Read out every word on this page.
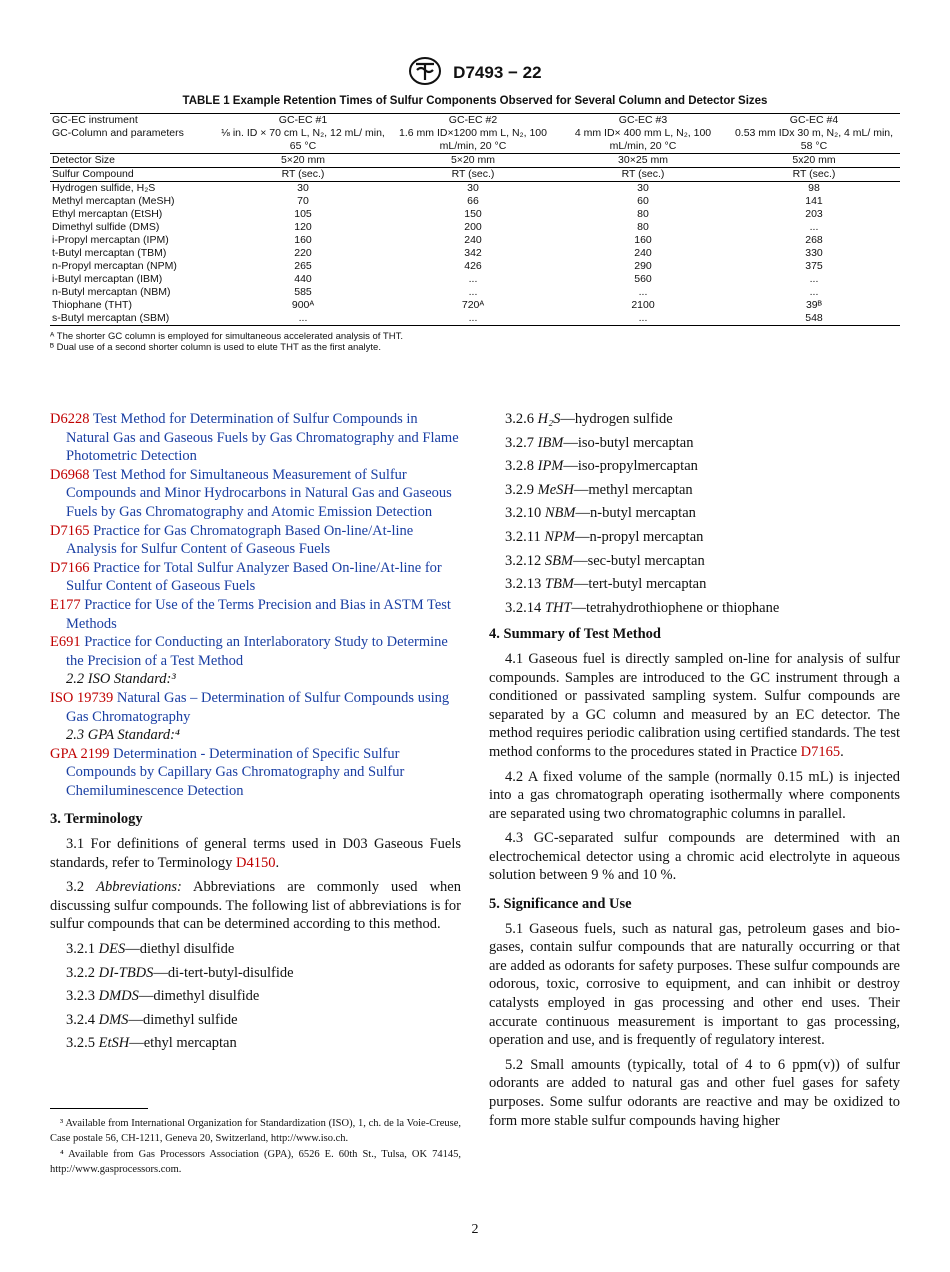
D7493 − 22
TABLE 1 Example Retention Times of Sulfur Components Observed for Several Column and Detector Sizes
GC-EC instrument	GC-EC #1	GC-EC #2	GC-EC #3	GC-EC #4
GC-Column and parameters	⅛ in. ID × 70 cm L, N₂, 12 mL/ min, 65 °C	1.6 mm ID×1200 mm L, N₂, 100 mL/min, 20 °C	4 mm ID× 400 mm L, N₂, 100 mL/min, 20 °C	0.53 mm IDx 30 m, N₂, 4 mL/ min, 58 °C
Detector Size	5×20 mm	5×20 mm	30×25 mm	5x20 mm
Sulfur Compound	RT (sec.)	RT (sec.)	RT (sec.)	RT (sec.)
Hydrogen sulfide, H₂S	30	30	30	98
Methyl mercaptan (MeSH)	70	66	60	141
Ethyl mercaptan (EtSH)	105	150	80	203
Dimethyl sulfide (DMS)	120	200	80	...
i-Propyl mercaptan (IPM)	160	240	160	268
t-Butyl mercaptan (TBM)	220	342	240	330
n-Propyl mercaptan (NPM)	265	426	290	375
i-Butyl mercaptan (IBM)	440	...	560	...
n-Butyl mercaptan (NBM)	585	...	...	...
Thiophane (THT)	900ᴬ	720ᴬ	2100	39ᴮ
s-Butyl mercaptan (SBM)	...	...	...	548
ᴬ The shorter GC column is employed for simultaneous accelerated analysis of THT.
ᴮ Dual use of a second shorter column is used to elute THT as the first analyte.

D6228 Test Method for Determination of Sulfur Compounds in Natural Gas and Gaseous Fuels by Gas Chromatography and Flame Photometric Detection

D6968 Test Method for Simultaneous Measurement of Sulfur Compounds and Minor Hydrocarbons in Natural Gas and Gaseous Fuels by Gas Chromatography and Atomic Emission Detection

D7165 Practice for Gas Chromatograph Based On-line/At-line Analysis for Sulfur Content of Gaseous Fuels

D7166 Practice for Total Sulfur Analyzer Based On-line/At-line for Sulfur Content of Gaseous Fuels

E177 Practice for Use of the Terms Precision and Bias in ASTM Test Methods

E691 Practice for Conducting an Interlaboratory Study to Determine the Precision of a Test Method

2.2 ISO Standard:³

ISO 19739 Natural Gas – Determination of Sulfur Compounds using Gas Chromatography

2.3 GPA Standard:⁴

GPA 2199 Determination - Determination of Specific Sulfur Compounds by Capillary Gas Chromatography and Sulfur Chemiluminescence Detection

3. Terminology

3.1 For definitions of general terms used in D03 Gaseous Fuels standards, refer to Terminology D4150.

3.2 Abbreviations: Abbreviations are commonly used when discussing sulfur compounds. The following list of abbreviations is for sulfur compounds that can be determined according to this method.

3.2.1 DES—diethyl disulfide

3.2.2 DI-TBDS—di-tert-butyl-disulfide

3.2.3 DMDS—dimethyl disulfide

3.2.4 DMS—dimethyl sulfide

3.2.5 EtSH—ethyl mercaptan

³ Available from International Organization for Standardization (ISO), 1, ch. de la Voie-Creuse, Case postale 56, CH-1211, Geneva 20, Switzerland, http://www.iso.ch.

⁴ Available from Gas Processors Association (GPA), 6526 E. 60th St., Tulsa, OK 74145, http://www.gasprocessors.com.

3.2.6 H₂S—hydrogen sulfide

3.2.7 IBM—iso-butyl mercaptan

3.2.8 IPM—iso-propylmercaptan

3.2.9 MeSH—methyl mercaptan

3.2.10 NBM—n-butyl mercaptan

3.2.11 NPM—n-propyl mercaptan

3.2.12 SBM—sec-butyl mercaptan

3.2.13 TBM—tert-butyl mercaptan

3.2.14 THT—tetrahydrothiophene or thiophane

4. Summary of Test Method

4.1 Gaseous fuel is directly sampled on-line for analysis of sulfur compounds. Samples are introduced to the GC instrument through a conditioned or passivated sampling system. Sulfur compounds are separated by a GC column and measured by an EC detector. The method requires periodic calibration using certified standards. The test method conforms to the procedures stated in Practice D7165.

4.2 A fixed volume of the sample (normally 0.15 mL) is injected into a gas chromatograph operating isothermally where components are separated using two chromatographic columns in parallel.

4.3 GC-separated sulfur compounds are determined with an electrochemical detector using a chromic acid electrolyte in aqueous solution between 9 % and 10 %.

5. Significance and Use

5.1 Gaseous fuels, such as natural gas, petroleum gases and bio-gases, contain sulfur compounds that are naturally occurring or that are added as odorants for safety purposes. These sulfur compounds are odorous, toxic, corrosive to equipment, and can inhibit or destroy catalysts employed in gas processing and other end uses. Their accurate continuous measurement is important to gas processing, operation and use, and is frequently of regulatory interest.

5.2 Small amounts (typically, total of 4 to 6 ppm(v)) of sulfur odorants are added to natural gas and other fuel gases for safety purposes. Some sulfur odorants are reactive and may be oxidized to form more stable sulfur compounds having higher

2
